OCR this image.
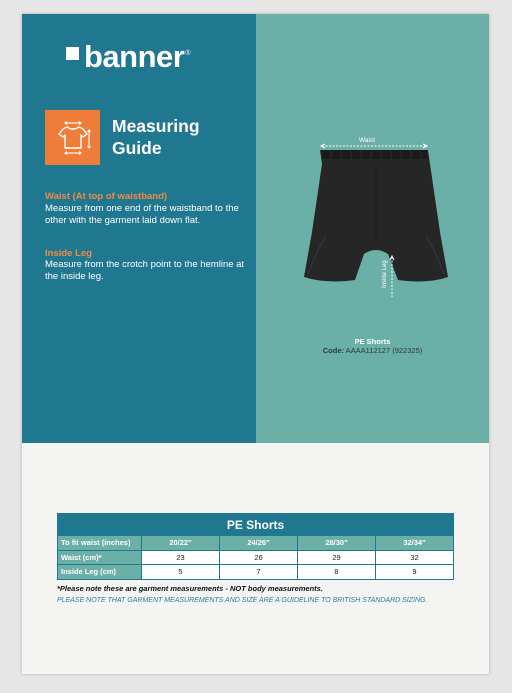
banner ®
Measuring
Guide
Waist (At top of waistband)
Measure from one end of the waistband to the other with the garment laid down flat.
Inside Leg
Measure from the crotch point to the hemline at the inside leg.
Waist
Inside Leg
PE Shorts
Code: AAAA112127 (922325)
PE Shorts				
To fit waist (inches)	20/22"	24/26"	28/30"	32/34"
Waist (cm)*	23	26	29	32
Inside Leg (cm)	5	7	8	9
*Please note these are garment measurements - NOT body measurements.
PLEASE NOTE THAT GARMENT MEASUREMENTS AND SIZE ARE A GUIDELINE TO BRITISH STANDARD SIZING.
